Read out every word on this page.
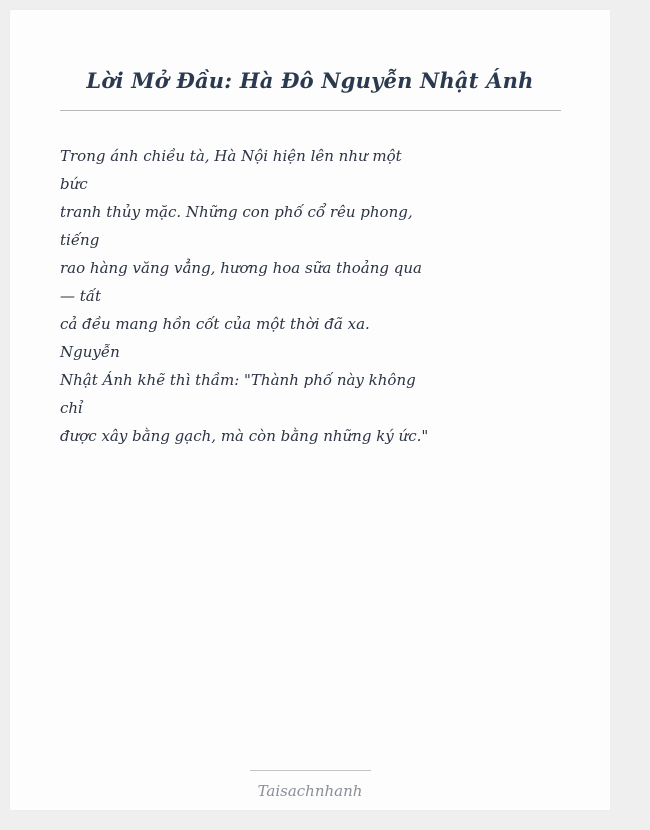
Lời Mở Đầu: Hà Đô Nguyễn Nhật Ánh
Trong ánh chiều tà, Hà Nội hiện lên như một
bức
tranh thủy mặc. Những con phố cổ rêu phong,
tiếng
rao hàng văng vẳng, hương hoa sữa thoảng qua
— tất
cả đều mang hồn cốt của một thời đã xa.
Nguyễn
Nhật Ánh khẽ thì thầm: "Thành phố này không
chỉ
được xây bằng gạch, mà còn bằng những ký ức."
Taisachnhanh
